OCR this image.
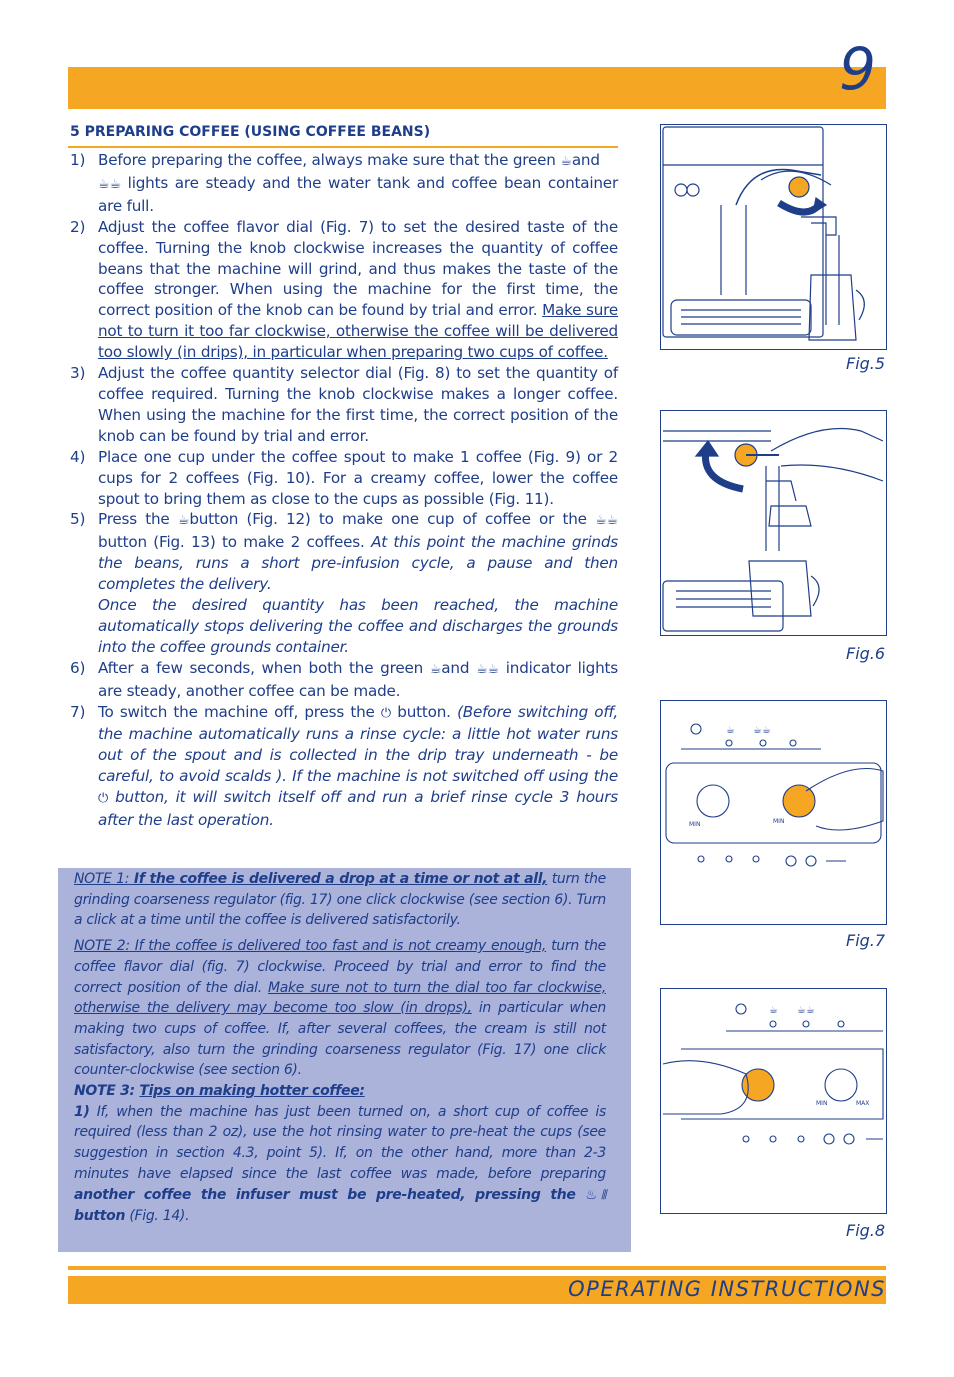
9
5 PREPARING COFFEE (USING COFFEE BEANS)
1) Before preparing the coffee, always make sure that the green ☕and
☕☕ lights are steady and the water tank and coffee bean container are full.
2) Adjust the coffee flavor dial (Fig. 7) to set the desired taste of the coffee. Turning the knob clockwise increases the quantity of coffee beans that the machine will grind, and thus makes the taste of the coffee stronger. When using the machine for the first time, the correct position of the knob can be found by trial and error. Make sure not to turn it too far clockwise, otherwise the coffee will be delivered too slowly (in drips), in particular when preparing two cups of coffee.
3) Adjust the coffee quantity selector dial (Fig. 8) to set the quantity of coffee required. Turning the knob clockwise makes a longer coffee. When using the machine for the first time, the correct position of the knob can be found by trial and error.
4) Place one cup under the coffee spout to make 1 coffee (Fig. 9) or 2 cups for 2 coffees (Fig. 10). For a creamy coffee, lower the coffee spout to bring them as close to the cups as possible (Fig. 11).
5) Press the ☕button (Fig. 12) to make one cup of coffee or the ☕☕ button (Fig. 13) to make 2 coffees. At this point the machine grinds the beans, runs a short pre-infusion cycle, a pause and then completes the delivery.
Once the desired quantity has been reached, the machine automatically stops delivering the coffee and discharges the grounds into the coffee grounds container.
6) After a few seconds, when both the green ☕and ☕☕ indicator lights are steady, another coffee can be made.
7) To switch the machine off, press the ⏻ button. (Before switching off, the machine automatically runs a rinse cycle: a little hot water runs out of the spout and is collected in the drip tray underneath - be careful, to avoid scalds ). If the machine is not switched off using the ⏻ button, it will switch itself off and run a brief rinse cycle 3 hours after the last operation.

NOTE 1: If the coffee is delivered a drop at a time or not at all, turn the grinding coarseness regulator (fig. 17) one click clockwise (see section 6). Turn a click at a time until the coffee is delivered satisfactorily.

NOTE 2: If the coffee is delivered too fast and is not creamy enough, turn the coffee flavor dial (fig. 7) clockwise. Proceed by trial and error to find the correct position of the dial. Make sure not to turn the dial too far clockwise, otherwise the delivery may become too slow (in drops), in particular when making two cups of coffee. If, after several coffees, the cream is still not satisfactory, also turn the grinding coarseness regulator (Fig. 17) one click counter-clockwise (see section 6).
NOTE 3: Tips on making hotter coffee:
1) If, when the machine has just been turned on, a short cup of coffee is required (less than 2 oz), use the hot rinsing water to pre-heat the cups (see suggestion in section 4.3, point 5). If, on the other hand, more than 2-3 minutes have elapsed since the last coffee was made, before preparing another coffee the infuser must be pre-heated, pressing the ♨ ⦀ button (Fig. 14).

Fig.5
Fig.6
☕ ☕☕
MIN	MIN
Fig.7
☕ ☕☕
MIN	MAX
Fig.8
OPERATING INSTRUCTIONS
